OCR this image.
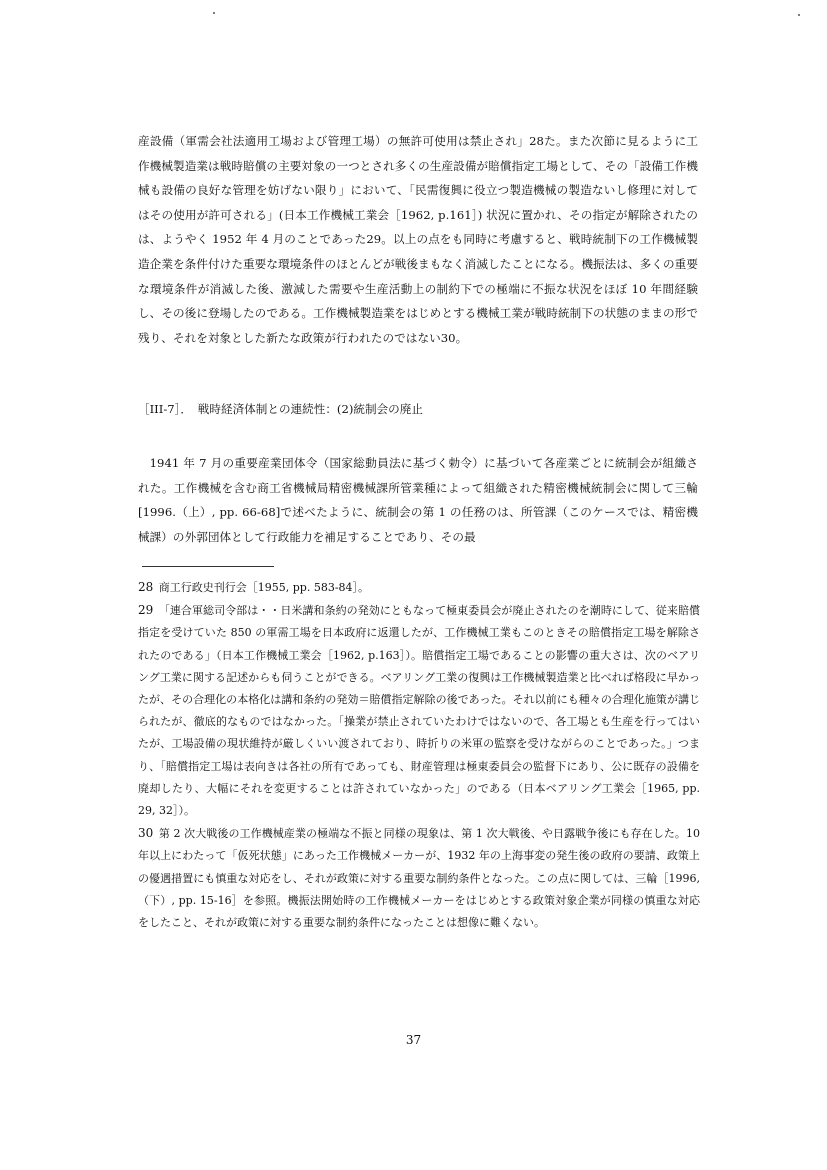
産設備（軍需会社法適用工場および管理工場）の無許可使用は禁止され」28た。また次節に見るように工作機械製造業は戦時賠償の主要対象の一つとされ多くの生産設備が賠償指定工場として、その「設備工作機械も設備の良好な管理を妨げない限り」において、「民需復興に役立つ製造機械の製造ないし修理に対してはその使用が許可される」(日本工作機械工業会［1962, p.161］) 状況に置かれ、その指定が解除されたのは、ようやく 1952 年 4 月のことであった29。以上の点をも同時に考慮すると、戦時統制下の工作機械製造企業を条件付けた重要な環境条件のほとんどが戦後まもなく消滅したことになる。機振法は、多くの重要な環境条件が消滅した後、激減した需要や生産活動上の制約下での極端に不振な状況をほぼ 10 年間経験し、その後に登場したのである。工作機械製造業をはじめとする機械工業が戦時統制下の状態のままの形で残り、それを対象とした新たな政策が行われたのではない30。

［III-7］．　戦時経済体制との連続性：(2)統制会の廃止

1941 年 7 月の重要産業団体令（国家総動員法に基づく勅令）に基づいて各産業ごとに統制会が組織された。工作機械を含む商工省機械局精密機械課所管業種によって組織された精密機械統制会に関して三輪[1996.（上）, pp. 66-68]で述べたように、統制会の第 1 の任務のは、所管課（このケースでは、精密機械課）の外郭団体として行政能力を補足することであり、その最

28 商工行政史刊行会［1955, pp. 583-84］。

29 「連合軍総司令部は・・日米講和条約の発効にともなって極東委員会が廃止されたのを潮時にして、従来賠償指定を受けていた 850 の軍需工場を日本政府に返還したが、工作機械工業もこのときその賠償指定工場を解除されたのである」（日本工作機械工業会［1962, p.163］）。賠償指定工場であることの影響の重大さは、次のベアリング工業に関する記述からも伺うことができる。ベアリング工業の復興は工作機械製造業と比べれば格段に早かったが、その合理化の本格化は講和条約の発効＝賠償指定解除の後であった。それ以前にも種々の合理化施策が講じられたが、徹底的なものではなかった。「操業が禁止されていたわけではないので、各工場とも生産を行ってはいたが、工場設備の現状維持が厳しくいい渡されており、時折りの米軍の監察を受けながらのことであった。」つまり、「賠償指定工場は表向きは各社の所有であっても、財産管理は極東委員会の監督下にあり、公に既存の設備を廃却したり、大幅にそれを変更することは許されていなかった」のである（日本ベアリング工業会［1965, pp. 29, 32］）。

30 第 2 次大戦後の工作機械産業の極端な不振と同様の現象は、第 1 次大戦後、や日露戦争後にも存在した。10 年以上にわたって「仮死状態」にあった工作機械メーカーが、1932 年の上海事変の発生後の政府の要請、政策上の優遇措置にも慎重な対応をし、それが政策に対する重要な制約条件となった。この点に関しては、三輪［1996,（下）, pp. 15-16］を参照。機振法開始時の工作機械メーカーをはじめとする政策対象企業が同様の慎重な対応をしたこと、それが政策に対する重要な制約条件になったことは想像に難くない。

37
